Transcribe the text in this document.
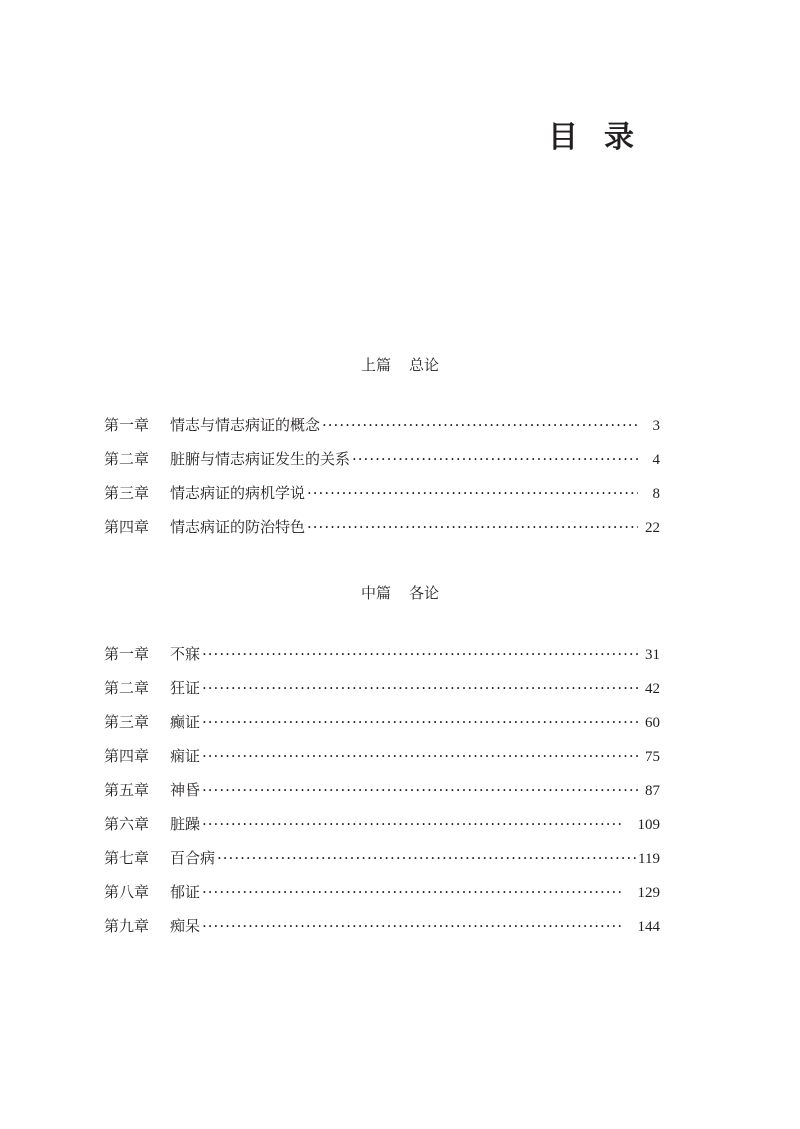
目录
上篇 总论
第一章	情志与情志病证的概念 ·····	3
第二章	脏腑与情志病证发生的关系 ·····	4
第三章	情志病证的病机学说 ·····	8
第四章	情志病证的防治特色 ·····	22
中篇 各论
第一章	不寐 ·····	31
第二章	狂证 ·····	42
第三章	癫证 ·····	60
第四章	痫证 ·····	75
第五章	神昏 ·····	87
第六章	脏躁 ·····	109
第七章	百合病 ·····	119
第八章	郁证 ·····	129
第九章	痴呆 ·····	144
